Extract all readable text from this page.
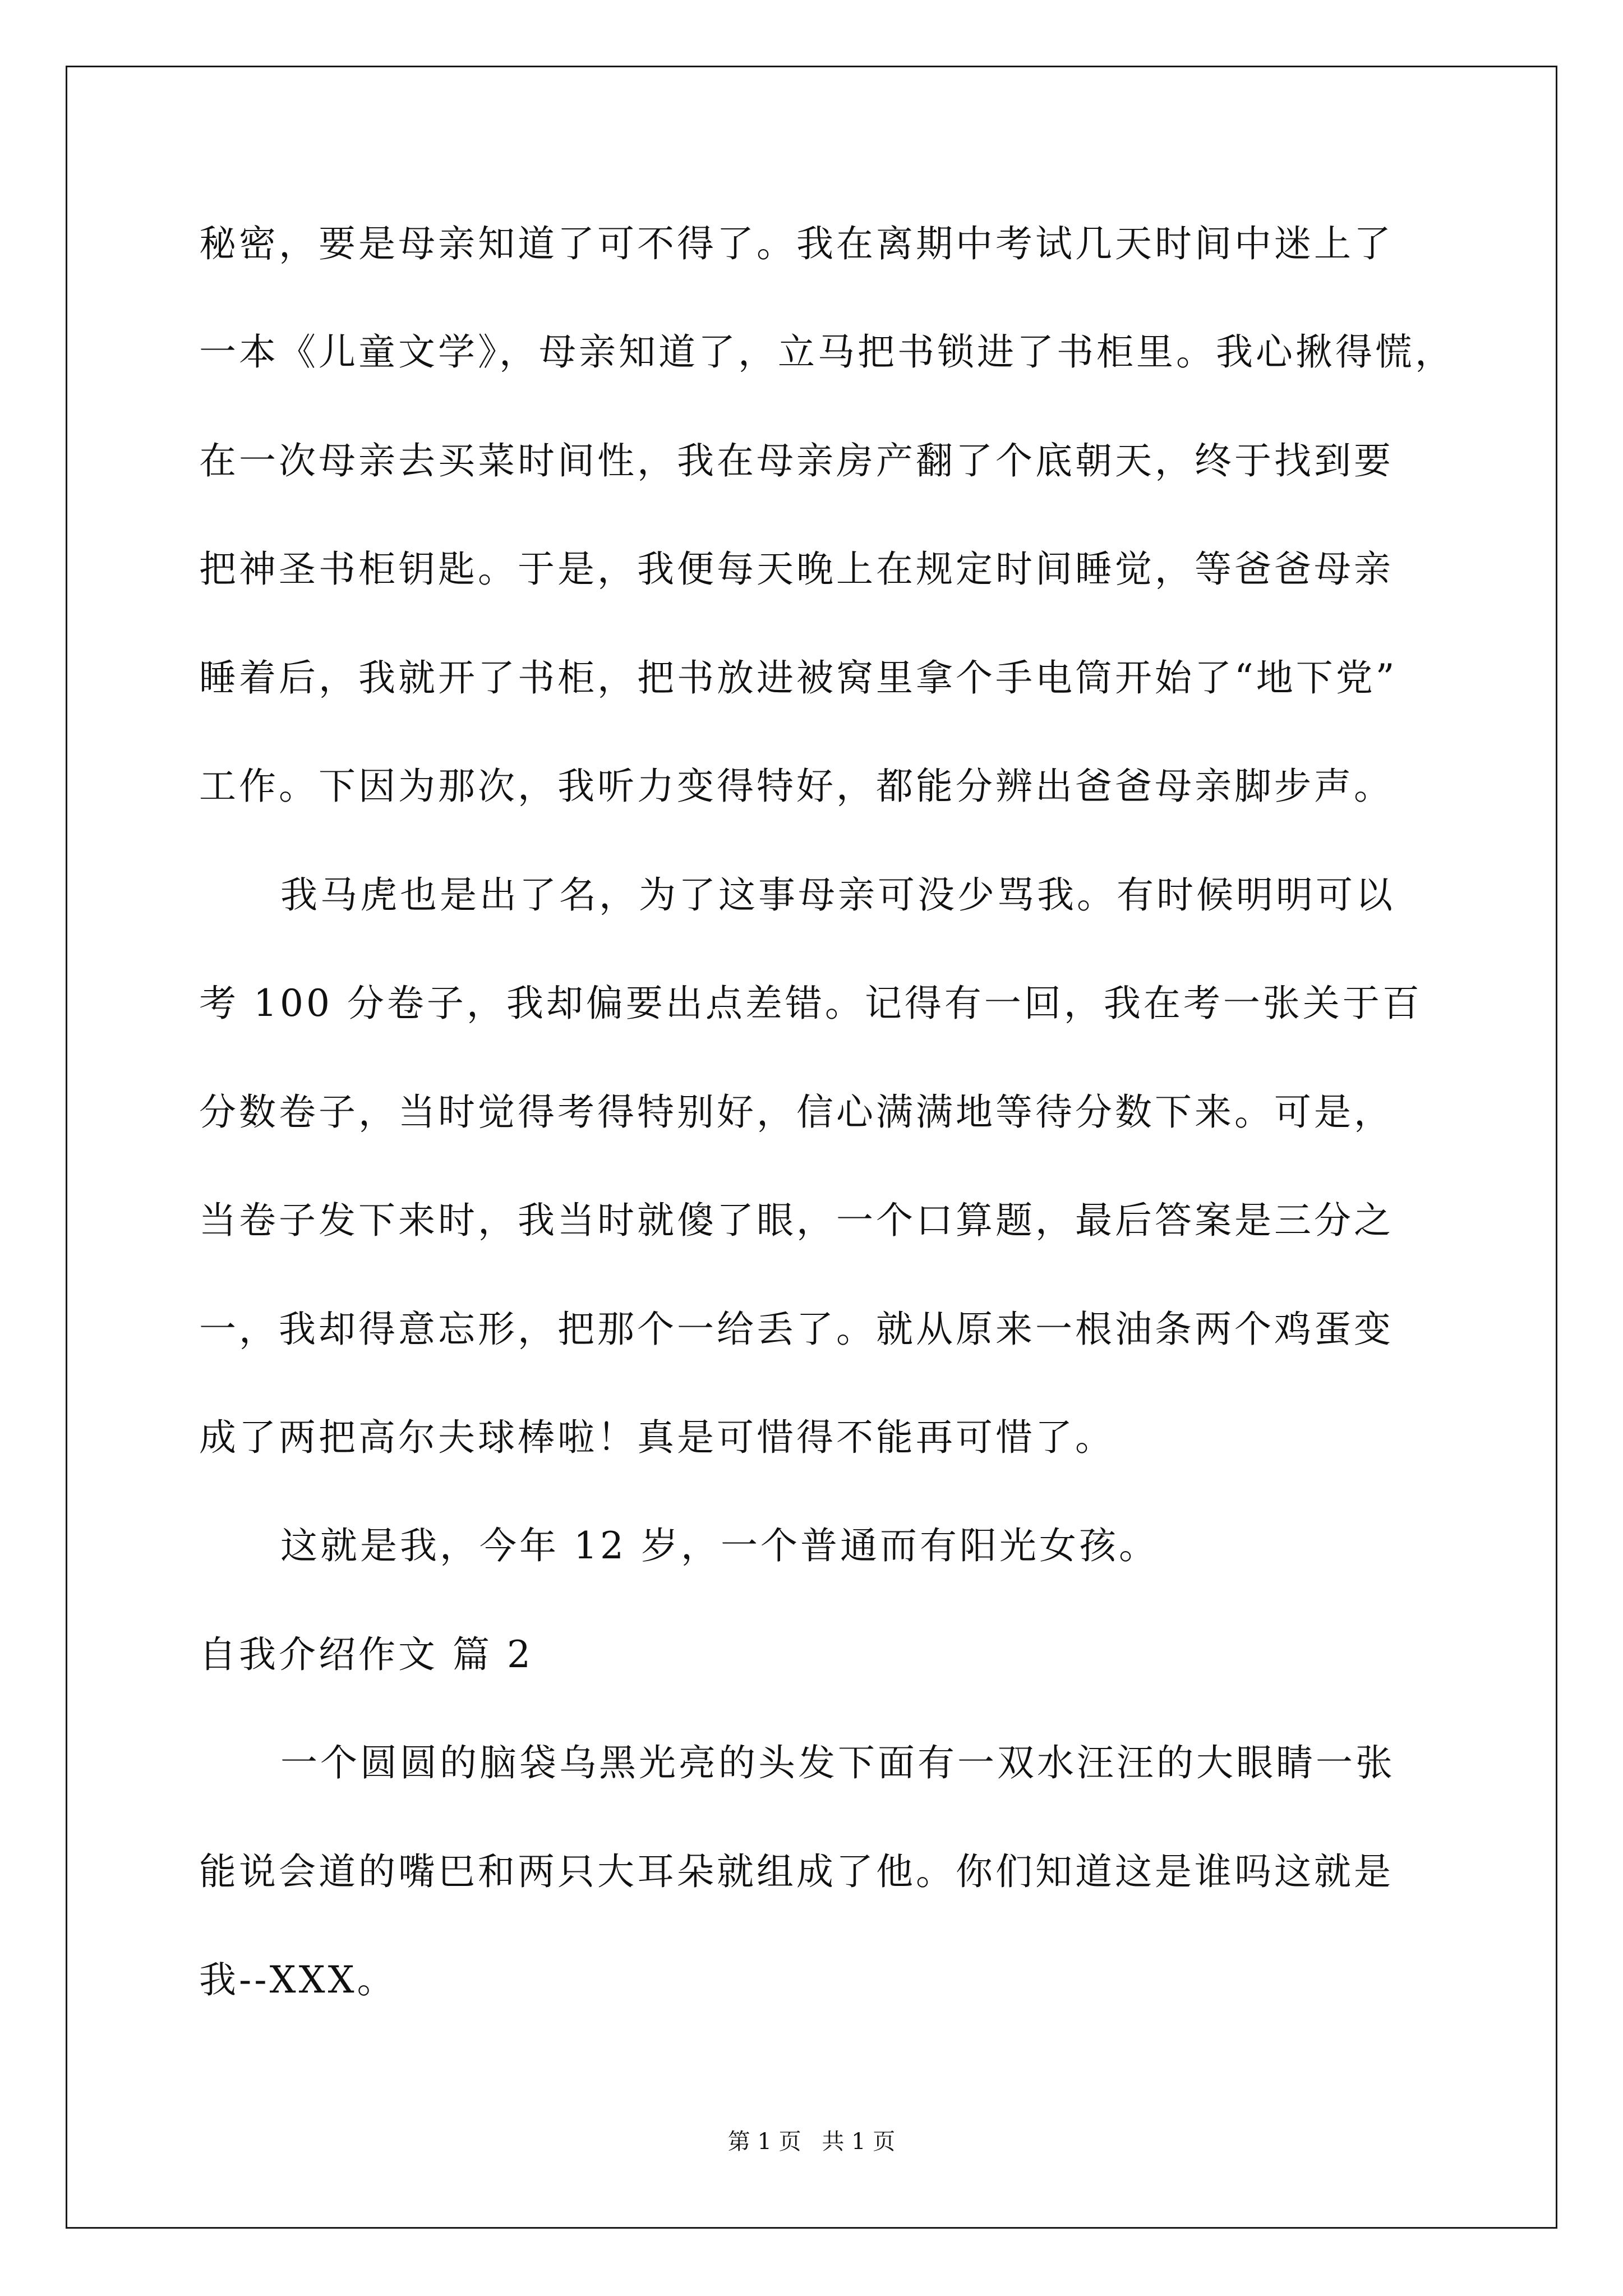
秘密，要是母亲知道了可不得了。我在离期中考试几天时间中迷上了
一本《儿童文学》，母亲知道了，立马把书锁进了书柜里。我心揪得慌，
在一次母亲去买菜时间性，我在母亲房产翻了个底朝天，终于找到要
把神圣书柜钥匙。于是，我便每天晚上在规定时间睡觉，等爸爸母亲
睡着后，我就开了书柜，把书放进被窝里拿个手电筒开始了“地下党”
工作。下因为那次，我听力变得特好，都能分辨出爸爸母亲脚步声。
我马虎也是出了名，为了这事母亲可没少骂我。有时候明明可以
考 100 分卷子，我却偏要出点差错。记得有一回，我在考一张关于百
分数卷子，当时觉得考得特别好，信心满满地等待分数下来。可是，
当卷子发下来时，我当时就傻了眼，一个口算题，最后答案是三分之
一，我却得意忘形，把那个一给丢了。就从原来一根油条两个鸡蛋变
成了两把高尔夫球棒啦！真是可惜得不能再可惜了。
这就是我，今年 12 岁，一个普通而有阳光女孩。
自我介绍作文 篇 2
一个圆圆的脑袋乌黑光亮的头发下面有一双水汪汪的大眼睛一张
能说会道的嘴巴和两只大耳朵就组成了他。你们知道这是谁吗这就是
我--XXX。
第 1 页 共 1 页
